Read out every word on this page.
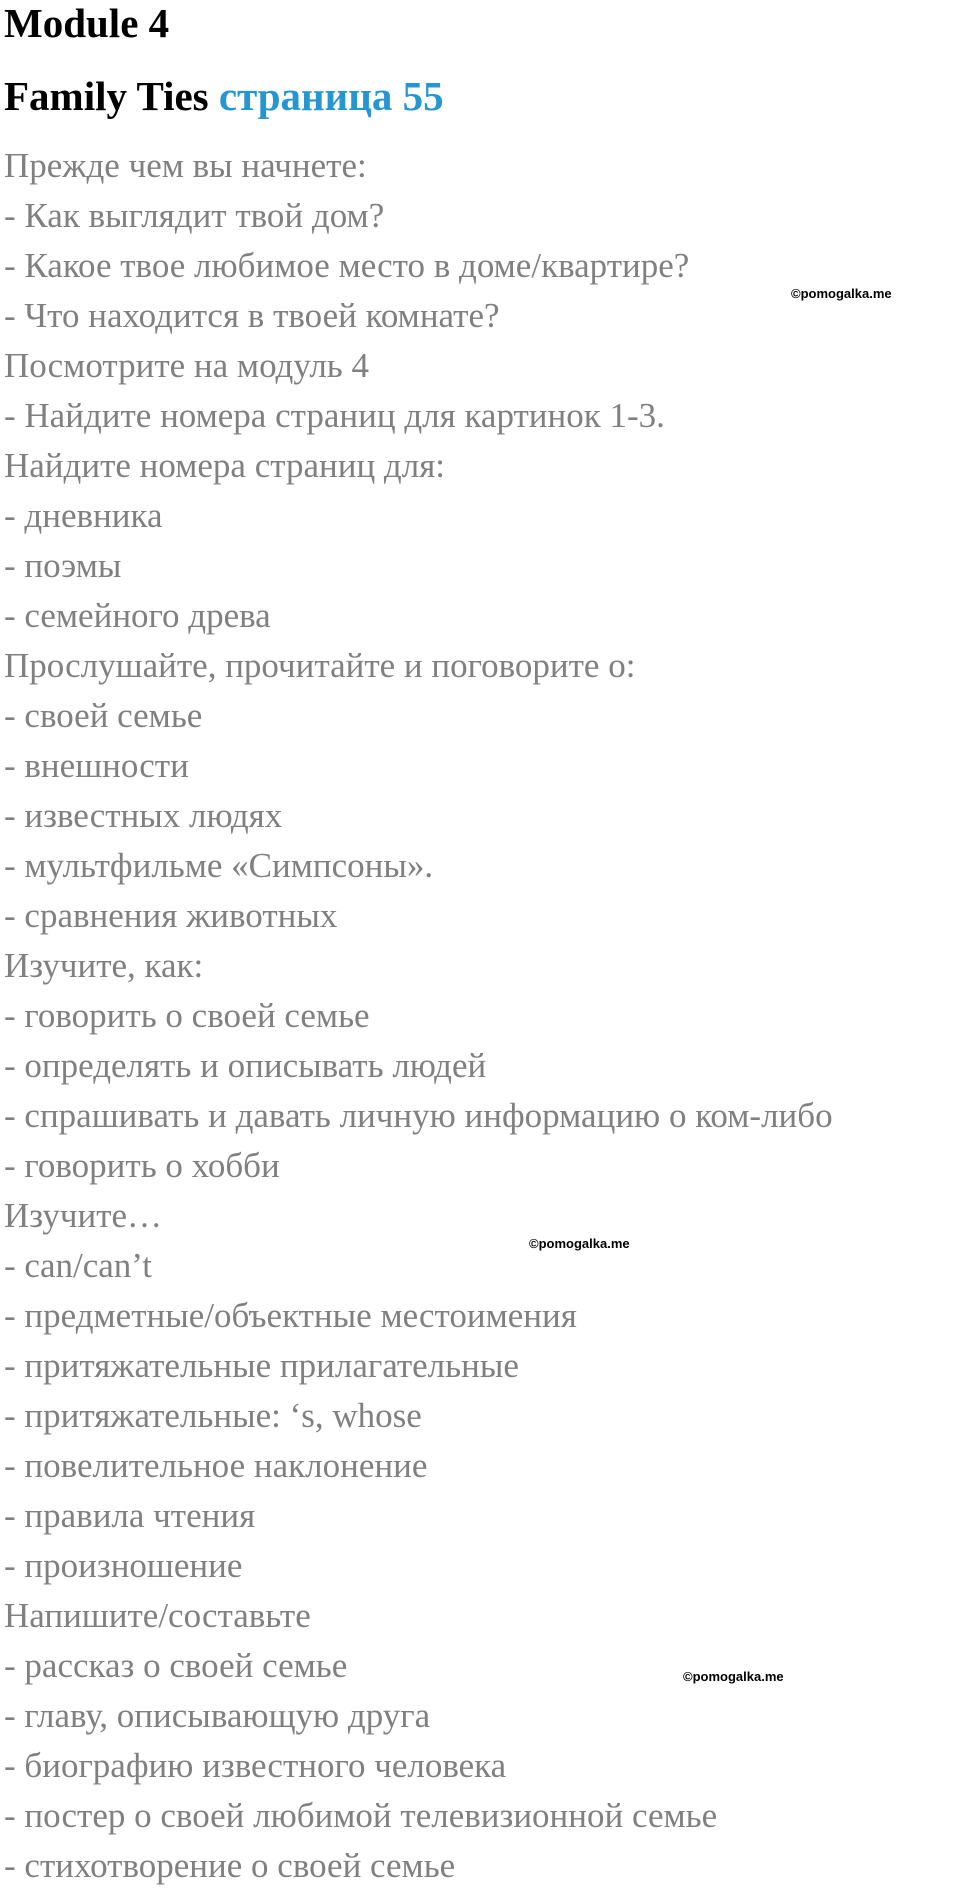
Module 4
Family Ties страница 55
Прежде чем вы начнете:
- Как выглядит твой дом?
- Какое твое любимое место в доме/квартире?
- Что находится в твоей комнате?
Посмотрите на модуль 4
- Найдите номера страниц для картинок 1-3.
Найдите номера страниц для:
- дневника
- поэмы
- семейного древа
Прослушайте, прочитайте и поговорите о:
- своей семье
- внешности
- известных людях
- мультфильме «Симпсоны».
- сравнения животных
Изучите, как:
- говорить о своей семье
- определять и описывать людей
- спрашивать и давать личную информацию о ком-либо
- говорить о хобби
Изучите…
- can/can’t
- предметные/объектные местоимения
- притяжательные прилагательные
- притяжательные: ‘s, whose
- повелительное наклонение
- правила чтения
- произношение
Напишите/составьте
- рассказ о своей семье
- главу, описывающую друга
- биографию известного человека
- постер о своей любимой телевизионной семье
- стихотворение о своей семье
©pomogalka.me
©pomogalka.me
©pomogalka.me
